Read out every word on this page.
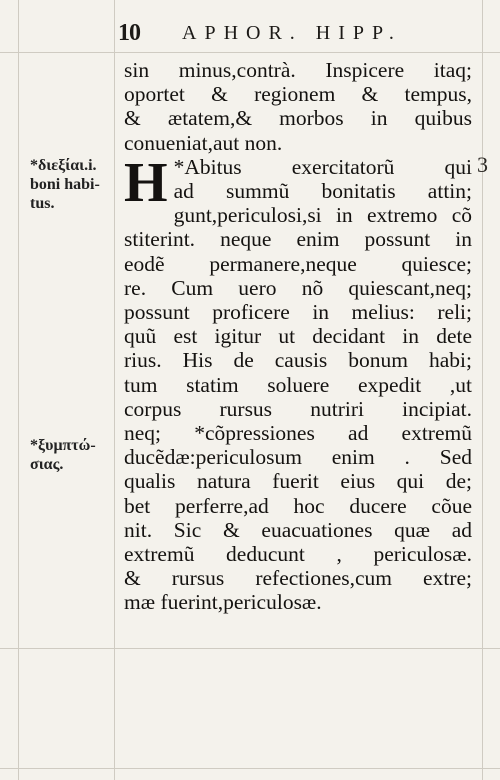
10 APHOR. HIPP.
3
*διεξίαι.i.
boni habi-
tus.
*ξυμπτώ-
σιας.
sin minus,contrà. Inspicere itaq;
oportet & regionem & tempus,
& ætatem,& morbos in quibus
conueniat,aut non.
H *Abitus exercitatorũ qui
ad summũ bonitatis attin;
gunt,periculosi,si in extremo cõ
stiterint. neque enim possunt in
eodẽ permanere,neque quiesce;
re. Cum uero nõ quiescant,neq;
possunt proficere in melius: reli;
quũ est igitur ut decidant in dete
rius. His de causis bonum habi;
tum statim soluere expedit ,ut
corpus rursus nutriri incipiat.
neq; *cõpressiones ad extremũ
ducẽdæ:periculosum enim . Sed
qualis natura fuerit eius qui de;
bet perferre,ad hoc ducere cõue
nit. Sic & euacuationes quæ ad
extremũ deducunt , periculosæ.
& rursus refectiones,cum extre;
mæ fuerint,periculosæ.
